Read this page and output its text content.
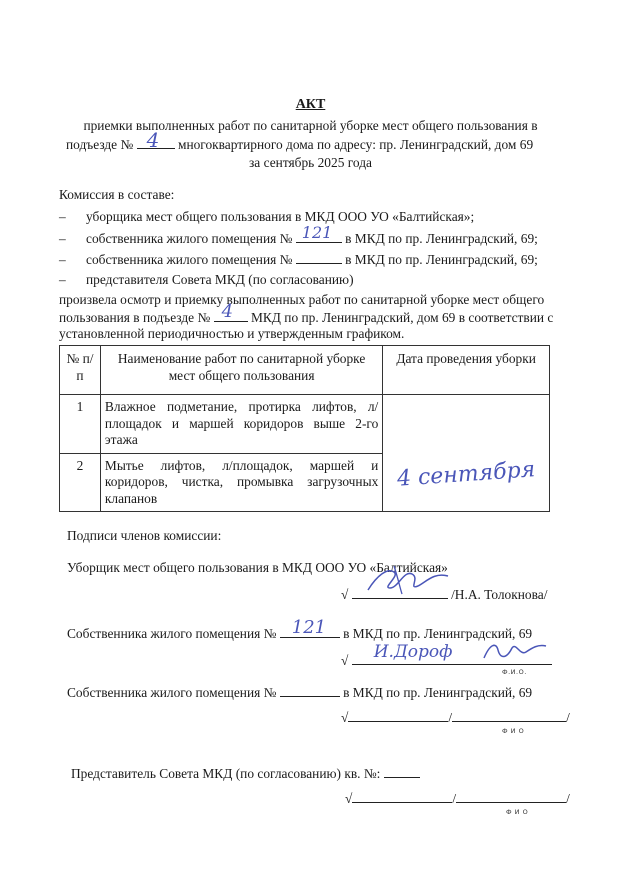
АКТ
приемки выполненных работ по санитарной уборке мест общего пользования в
подъезде № 4 многоквартирного дома по адресу: пр. Ленинградский, дом 69
за сентябрь 2025 года
Комиссия в составе:
– уборщика мест общего пользования в МКД ООО УО «Балтийская»;
– собственника жилого помещения № 121 в МКД по пр. Ленинградский, 69;
– собственника жилого помещения №	в МКД по пр. Ленинградский, 69;
– представителя Совета МКД (по согласованию)
произвела осмотр и приемку выполненных работ по санитарной уборке мест общего
пользования в подъезде № 4 МКД по пр. Ленинградский, дом 69 в соответствии с
установленной периодичностью и утвержденным графиком.
№ п/п	Наименование работ по санитарной уборке мест общего пользования	Дата проведения уборки
1	Влажное подметание, протирка лифтов, л/площадок и маршей коридоров выше 2-го этажа	4 сентября

2	Мытье лифтов, л/площадок, маршей и коридоров, чистка, промывка загрузочных клапанов	
Подписи членов комиссии:
Уборщик мест общего пользования в МКД ООО УО «Балтийская»
√	/Н.А. Толокнова/
Собственника жилого помещения № 121 в МКД по пр. Ленинградский, 69
√ И.Дороф
Ф.И.О.
Собственника жилого помещения №	в МКД по пр. Ленинградский, 69
√	/	/
Ф И О
Представитель Совета МКД (по согласованию) кв. №:
√	/	/
Ф И О
